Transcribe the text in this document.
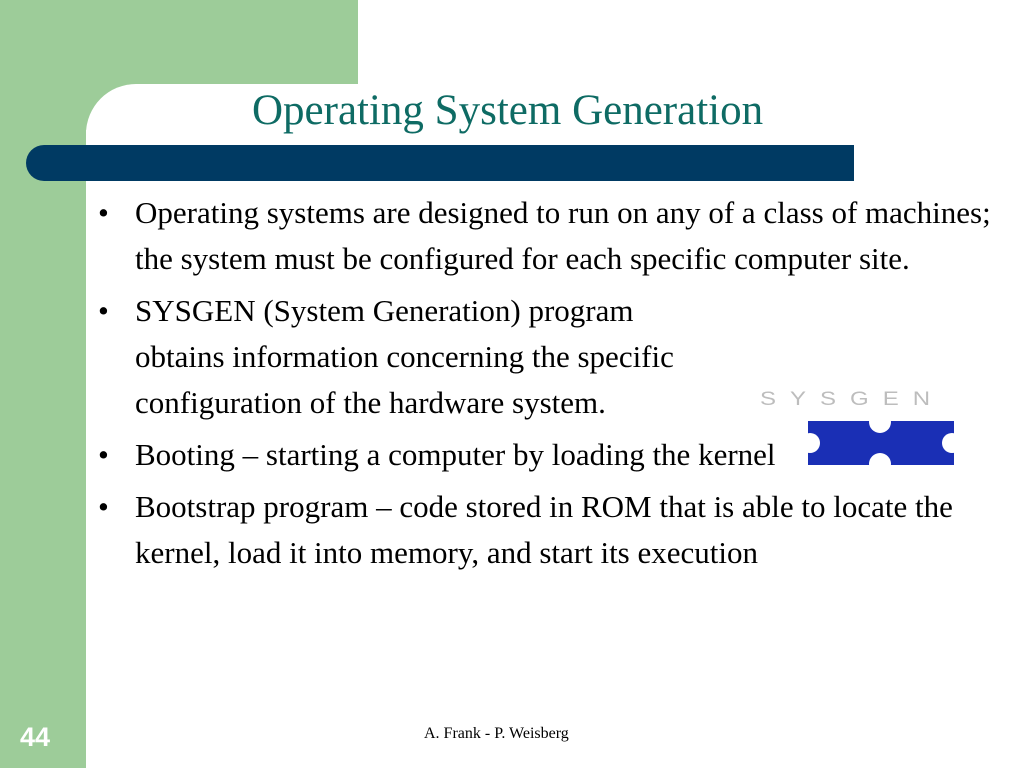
Operating System Generation
• Operating systems are designed to run on any of a class of machines; the system must be configured for each specific computer site.
• SYSGEN (System Generation) program obtains information concerning the specific configuration of the hardware system.
• Booting – starting a computer by loading the kernel
• Bootstrap program – code stored in ROM that is able to locate the kernel, load it into memory, and start its execution
SYSGEN
A. Frank - P. Weisberg
44
